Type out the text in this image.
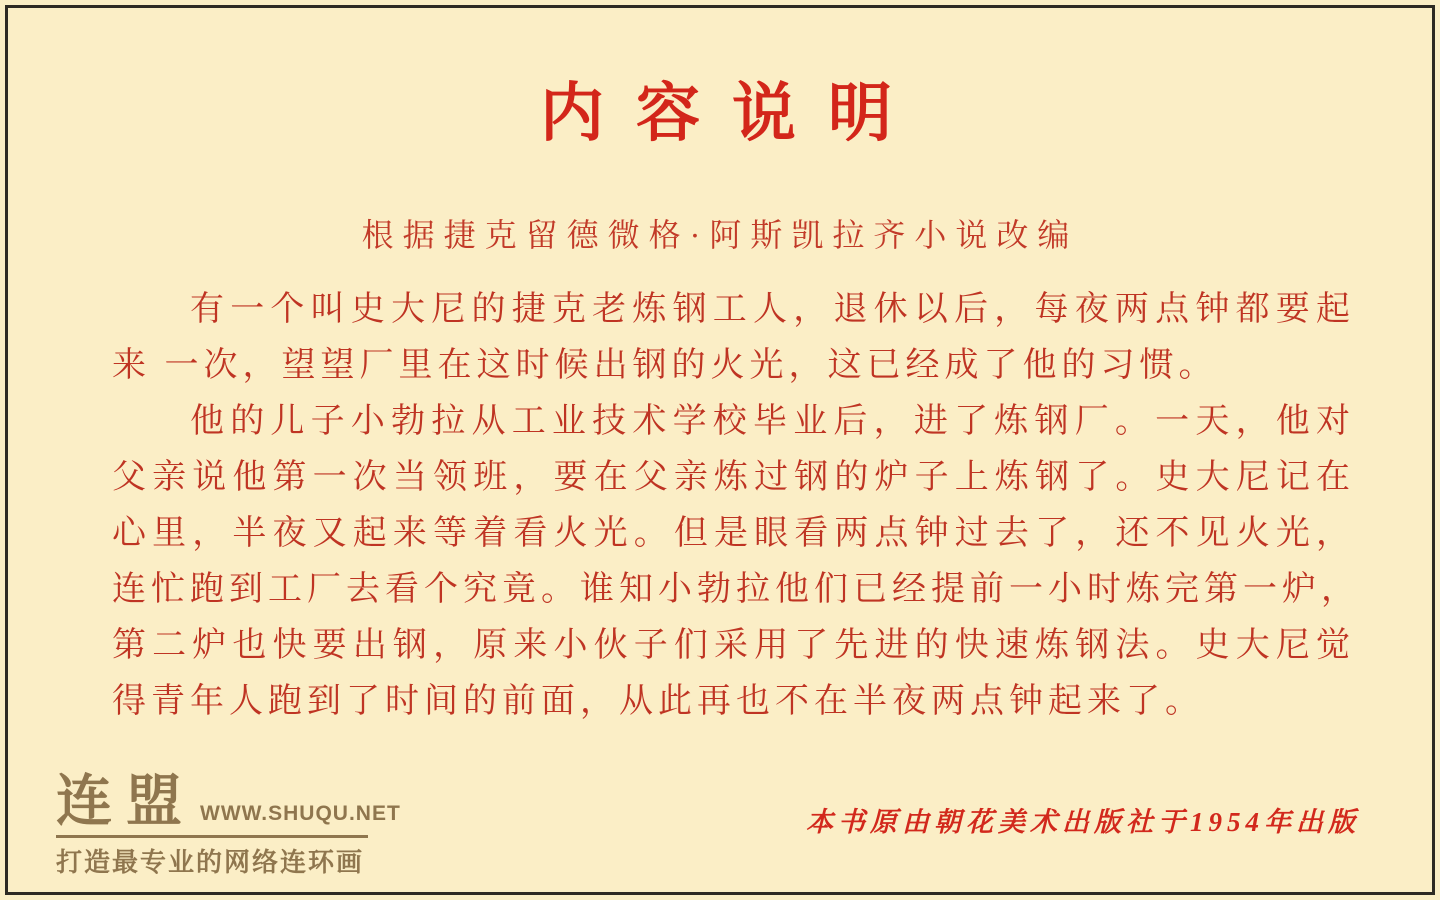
内 容 说 明
根据捷克留德微格·阿斯凯拉齐小说改编
有一个叫史大尼的捷克老炼钢工人，退休以后，每夜两点钟都要起
来 一次，望望厂里在这时候出钢的火光，这已经成了他的习惯。
他的儿子小勃拉从工业技术学校毕业后，进了炼钢厂。一天，他对
父亲说他第一次当领班，要在父亲炼过钢的炉子上炼钢了。史大尼记在
心里，半夜又起来等着看火光。但是眼看两点钟过去了，还不见火光，
连忙跑到工厂去看个究竟。谁知小勃拉他们已经提前一小时炼完第一炉，
第二炉也快要出钢，原来小伙子们采用了先进的快速炼钢法。史大尼觉
得青年人跑到了时间的前面，从此再也不在半夜两点钟起来了。
本书原由朝花美术出版社于1954年出版
连盟 WWW.SHUQU.NET
打造最专业的网络连环画
